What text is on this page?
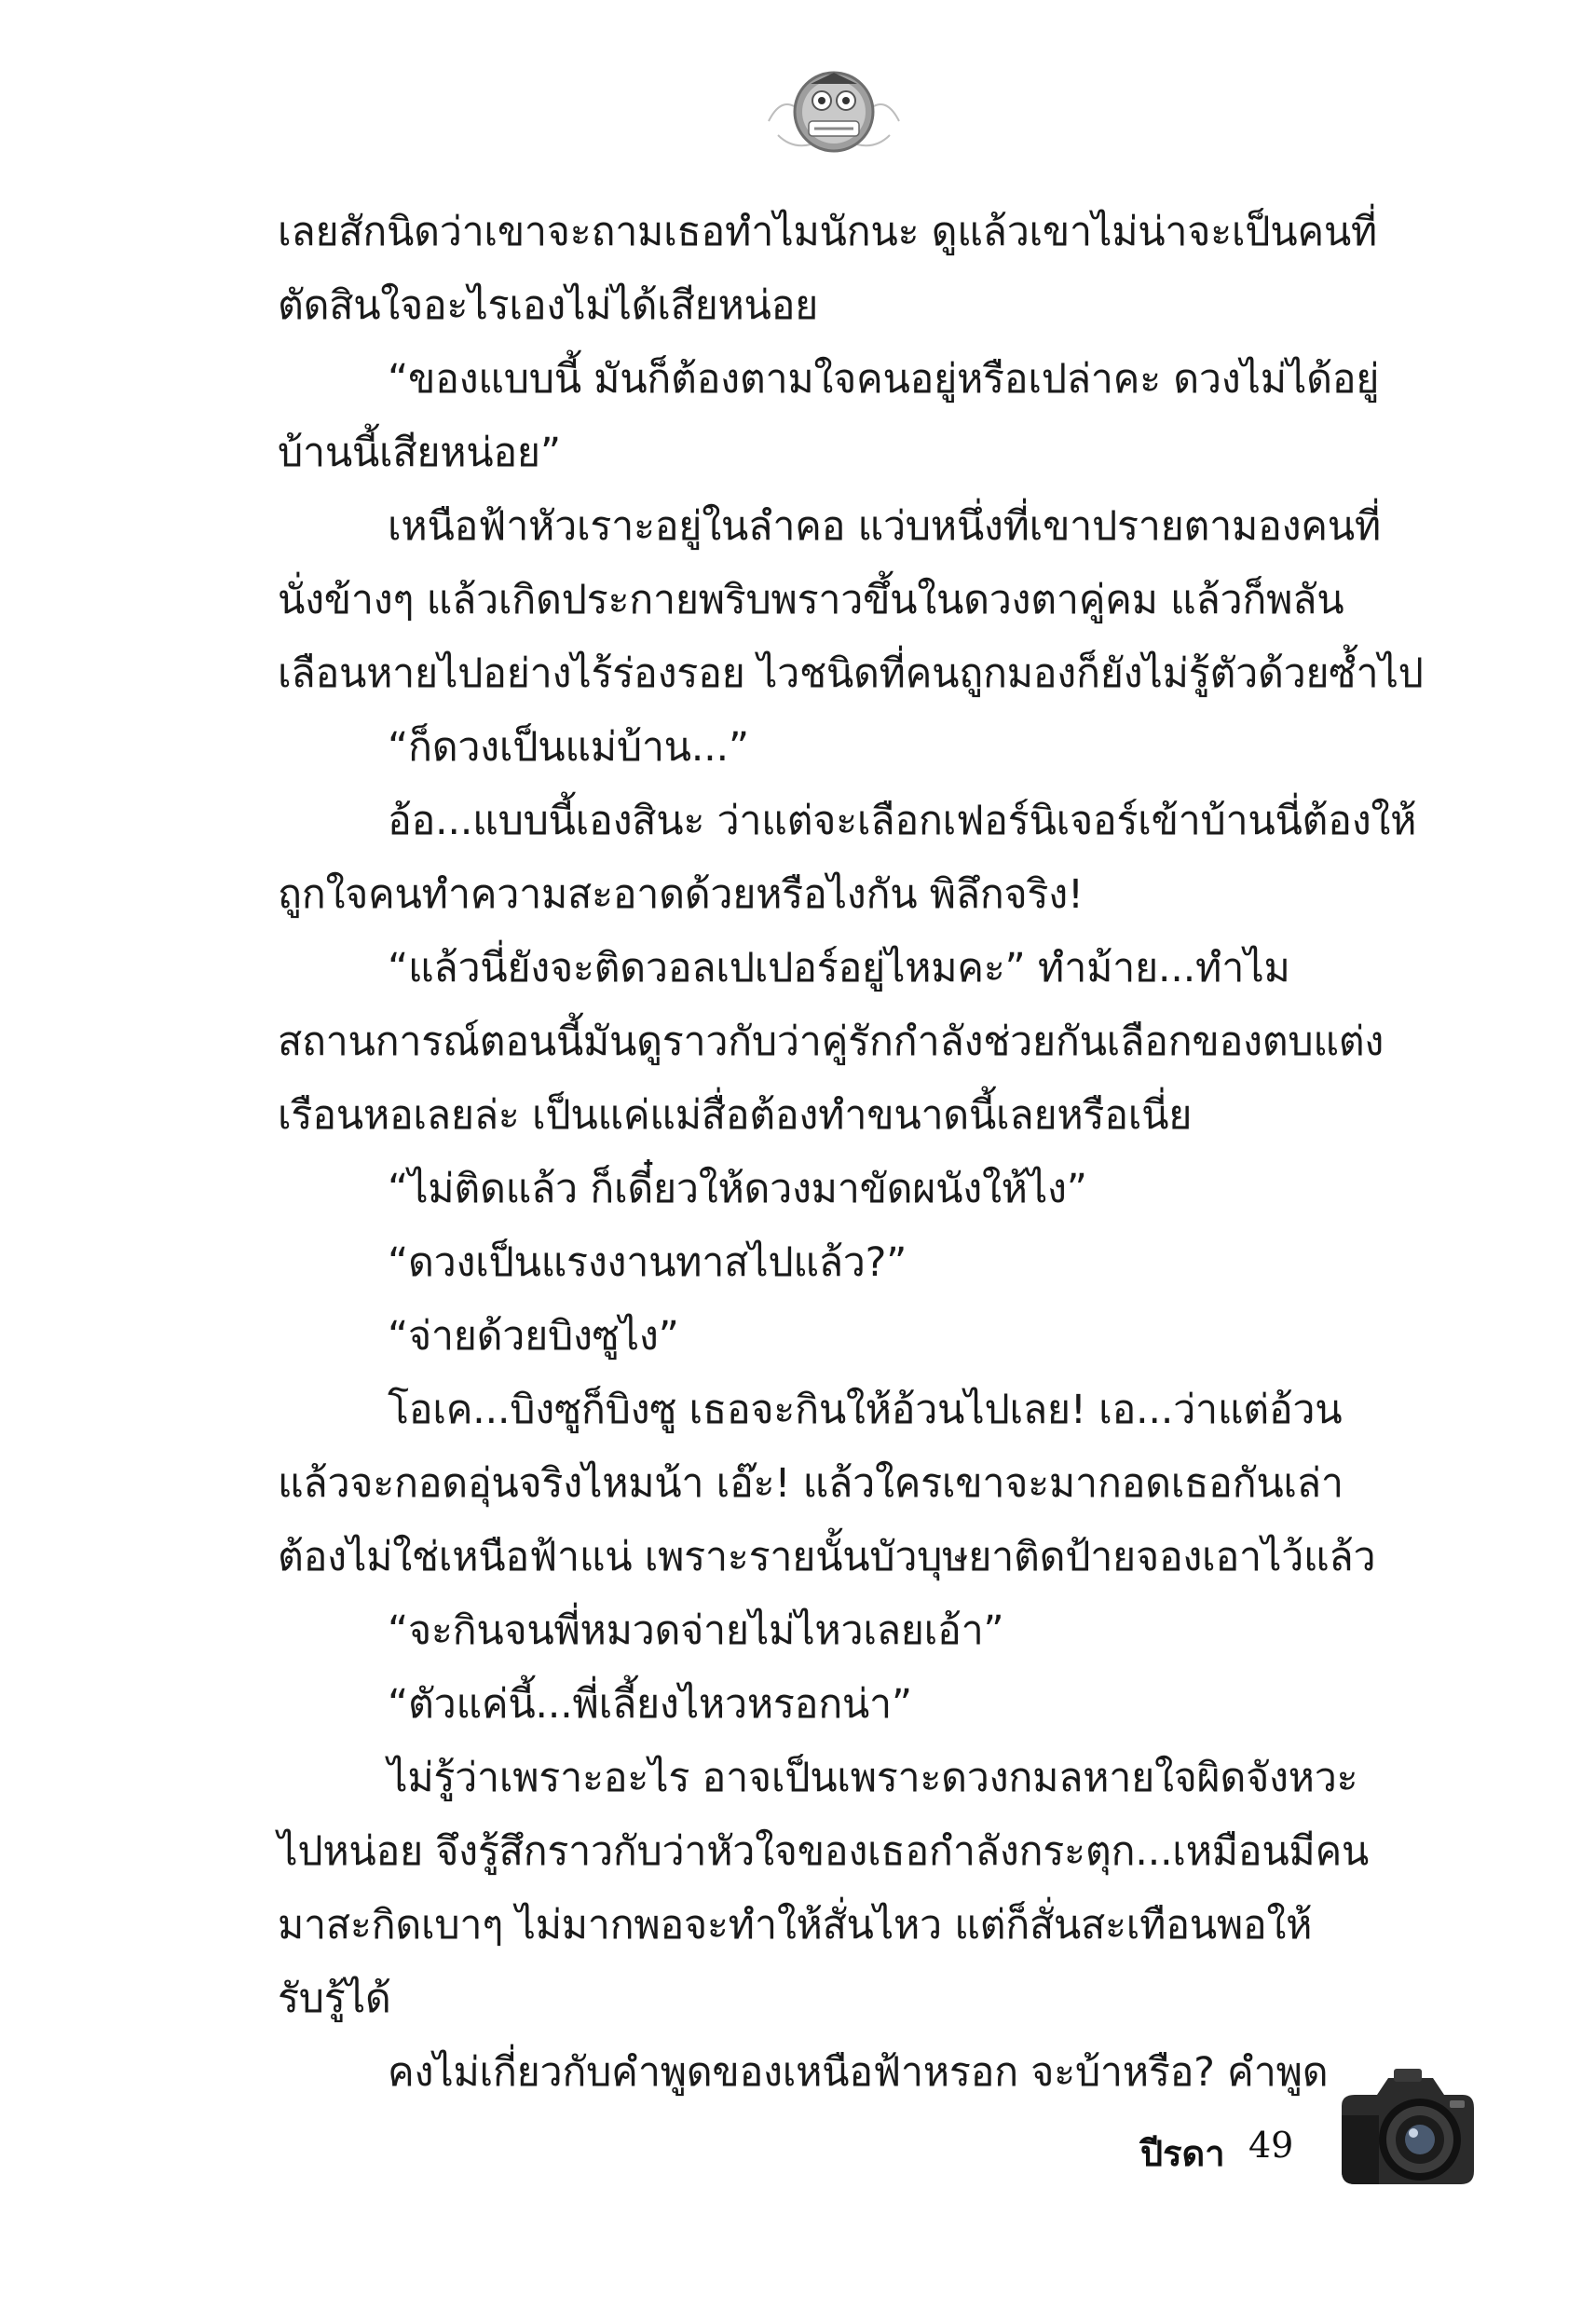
เลยสักนิดว่าเขาจะถามเธอทำไมนักนะ ดูแล้วเขาไม่น่าจะเป็นคนที่

ตัดสินใจอะไรเองไม่ได้เสียหน่อย

“ของแบบนี้ มันก็ต้องตามใจคนอยู่หรือเปล่าคะ ดวงไม่ได้อยู่

บ้านนี้เสียหน่อย”

เหนือฟ้าหัวเราะอยู่ในลำคอ แว่บหนึ่งที่เขาปรายตามองคนที่

นั่งข้างๆ แล้วเกิดประกายพริบพราวขึ้นในดวงตาคู่คม แล้วก็พลัน

เลือนหายไปอย่างไร้ร่องรอย ไวชนิดที่คนถูกมองก็ยังไม่รู้ตัวด้วยซ้ำไป

“ก็ดวงเป็นแม่บ้าน...”

อ้อ...แบบนี้เองสินะ ว่าแต่จะเลือกเฟอร์นิเจอร์เข้าบ้านนี่ต้องให้

ถูกใจคนทำความสะอาดด้วยหรือไงกัน พิลึกจริง!

“แล้วนี่ยังจะติดวอลเปเปอร์อยู่ไหมคะ” ทำม้าย...ทำไม

สถานการณ์ตอนนี้มันดูราวกับว่าคู่รักกำลังช่วยกันเลือกของตบแต่ง

เรือนหอเลยล่ะ เป็นแค่แม่สื่อต้องทำขนาดนี้เลยหรือเนี่ย

“ไม่ติดแล้ว ก็เดี๋ยวให้ดวงมาขัดผนังให้ไง”

“ดวงเป็นแรงงานทาสไปแล้ว?”

“จ่ายด้วยบิงซูไง”

โอเค...บิงซูก็บิงซู เธอจะกินให้อ้วนไปเลย! เอ...ว่าแต่อ้วน

แล้วจะกอดอุ่นจริงไหมน้า เอ๊ะ! แล้วใครเขาจะมากอดเธอกันเล่า

ต้องไม่ใช่เหนือฟ้าแน่ เพราะรายนั้นบัวบุษยาติดป้ายจองเอาไว้แล้ว

“จะกินจนพี่หมวดจ่ายไม่ไหวเลยเอ้า”

“ตัวแค่นี้...พี่เลี้ยงไหวหรอกน่า”

ไม่รู้ว่าเพราะอะไร อาจเป็นเพราะดวงกมลหายใจผิดจังหวะ

ไปหน่อย จึงรู้สึกราวกับว่าหัวใจของเธอกำลังกระตุก...เหมือนมีคน

มาสะกิดเบาๆ ไม่มากพอจะทำให้สั่นไหว แต่ก็สั่นสะเทือนพอให้

รับรู้ได้

คงไม่เกี่ยวกับคำพูดของเหนือฟ้าหรอก จะบ้าหรือ? คำพูด

ปีรดา 49
